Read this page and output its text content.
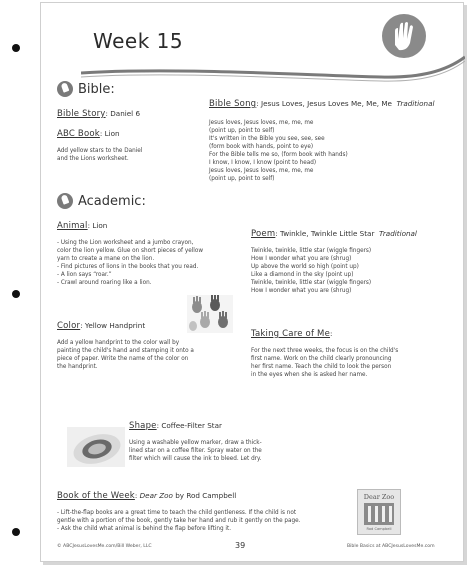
Week 15
Bible:
Bible Story: Daniel 6
ABC Book: Lion
Add yellow stars to the Daniel
and the Lions worksheet.
Bible Song: Jesus Loves, Jesus Loves Me, Me, Me Traditional
Jesus loves, Jesus loves, me, me, me
(point up, point to self)
It's written in the Bible you see, see, see
(form book with hands, point to eye)
For the Bible tells me so, (form book with hands)
I know, I know, I know (point to head)
Jesus loves, Jesus loves, me, me, me
(point up, point to self)
Academic:
Animal: Lion
- Using the Lion worksheet and a jumbo crayon,
color the lion yellow. Glue on short pieces of yellow
yarn to create a mane on the lion.
- Find pictures of lions in the books that you read.
- A lion says “roar.”
- Crawl around roaring like a lion.
Poem: Twinkle, Twinkle Little Star Traditional
Twinkle, twinkle, little star (wiggle fingers)
How I wonder what you are (shrug)
Up above the world so high (point up)
Like a diamond in the sky (point up)
Twinkle, twinkle, little star (wiggle fingers)
How I wonder what you are (shrug)
Color: Yellow Handprint
Add a yellow handprint to the color wall by
painting the child's hand and stamping it onto a
piece of paper. Write the name of the color on
the handprint.
Taking Care of Me:
For the next three weeks, the focus is on the child's
first name. Work on the child clearly pronouncing
her first name. Teach the child to look the person
in the eyes when she is asked her name.
Shape: Coffee-Filter Star
Using a washable yellow marker, draw a thick-
lined star on a coffee filter. Spray water on the
filter which will cause the ink to bleed. Let dry.
Book of the Week: Dear Zoo by Rod Campbell
- Lift-the-flap books are a great time to teach the child gentleness. If the child is not
gentle with a portion of the book, gently take her hand and rub it gently on the page.
- Ask the child what animal is behind the flap before lifting it.
Dear Zoo
Rod Campbell
© ABCJesusLovesMe.com/Bill Weber, LLC	39	Bible Basics at ABCJesusLovesMe.com
